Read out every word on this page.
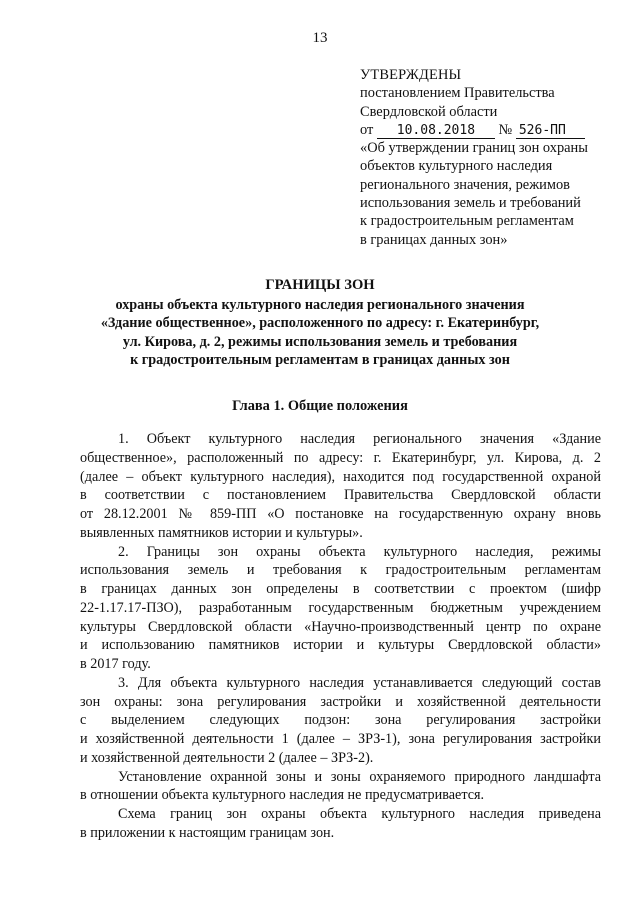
13
УТВЕРЖДЕНЫ
постановлением Правительства
Свердловской области
от 10.08.2018 № 526-ПП
«Об утверждении границ зон охраны
объектов культурного наследия
регионального значения, режимов
использования земель и требований
к градостроительным регламентам
в границах данных зон»
ГРАНИЦЫ ЗОН
охраны объекта культурного наследия регионального значения
«Здание общественное», расположенного по адресу: г. Екатеринбург,
ул. Кирова, д. 2, режимы использования земель и требования
к градостроительным регламентам в границах данных зон
Глава 1. Общие положения
1. Объект культурного наследия регионального значения «Здание
общественное», расположенный по адресу: г. Екатеринбург, ул. Кирова, д. 2
(далее – объект культурного наследия), находится под государственной охраной
в соответствии с постановлением Правительства Свердловской области
от 28.12.2001 № 859-ПП «О постановке на государственную охрану вновь
выявленных памятников истории и культуры».
2. Границы зон охраны объекта культурного наследия, режимы
использования земель и требования к градостроительным регламентам
в границах данных зон определены в соответствии с проектом (шифр
22-1.17.17-ПЗО), разработанным государственным бюджетным учреждением
культуры Свердловской области «Научно-производственный центр по охране
и использованию памятников истории и культуры Свердловской области»
в 2017 году.
3. Для объекта культурного наследия устанавливается следующий состав
зон охраны: зона регулирования застройки и хозяйственной деятельности
с выделением следующих подзон: зона регулирования застройки
и хозяйственной деятельности 1 (далее – ЗРЗ-1), зона регулирования застройки
и хозяйственной деятельности 2 (далее – ЗРЗ-2).
Установление охранной зоны и зоны охраняемого природного ландшафта
в отношении объекта культурного наследия не предусматривается.
Схема границ зон охраны объекта культурного наследия приведена
в приложении к настоящим границам зон.
